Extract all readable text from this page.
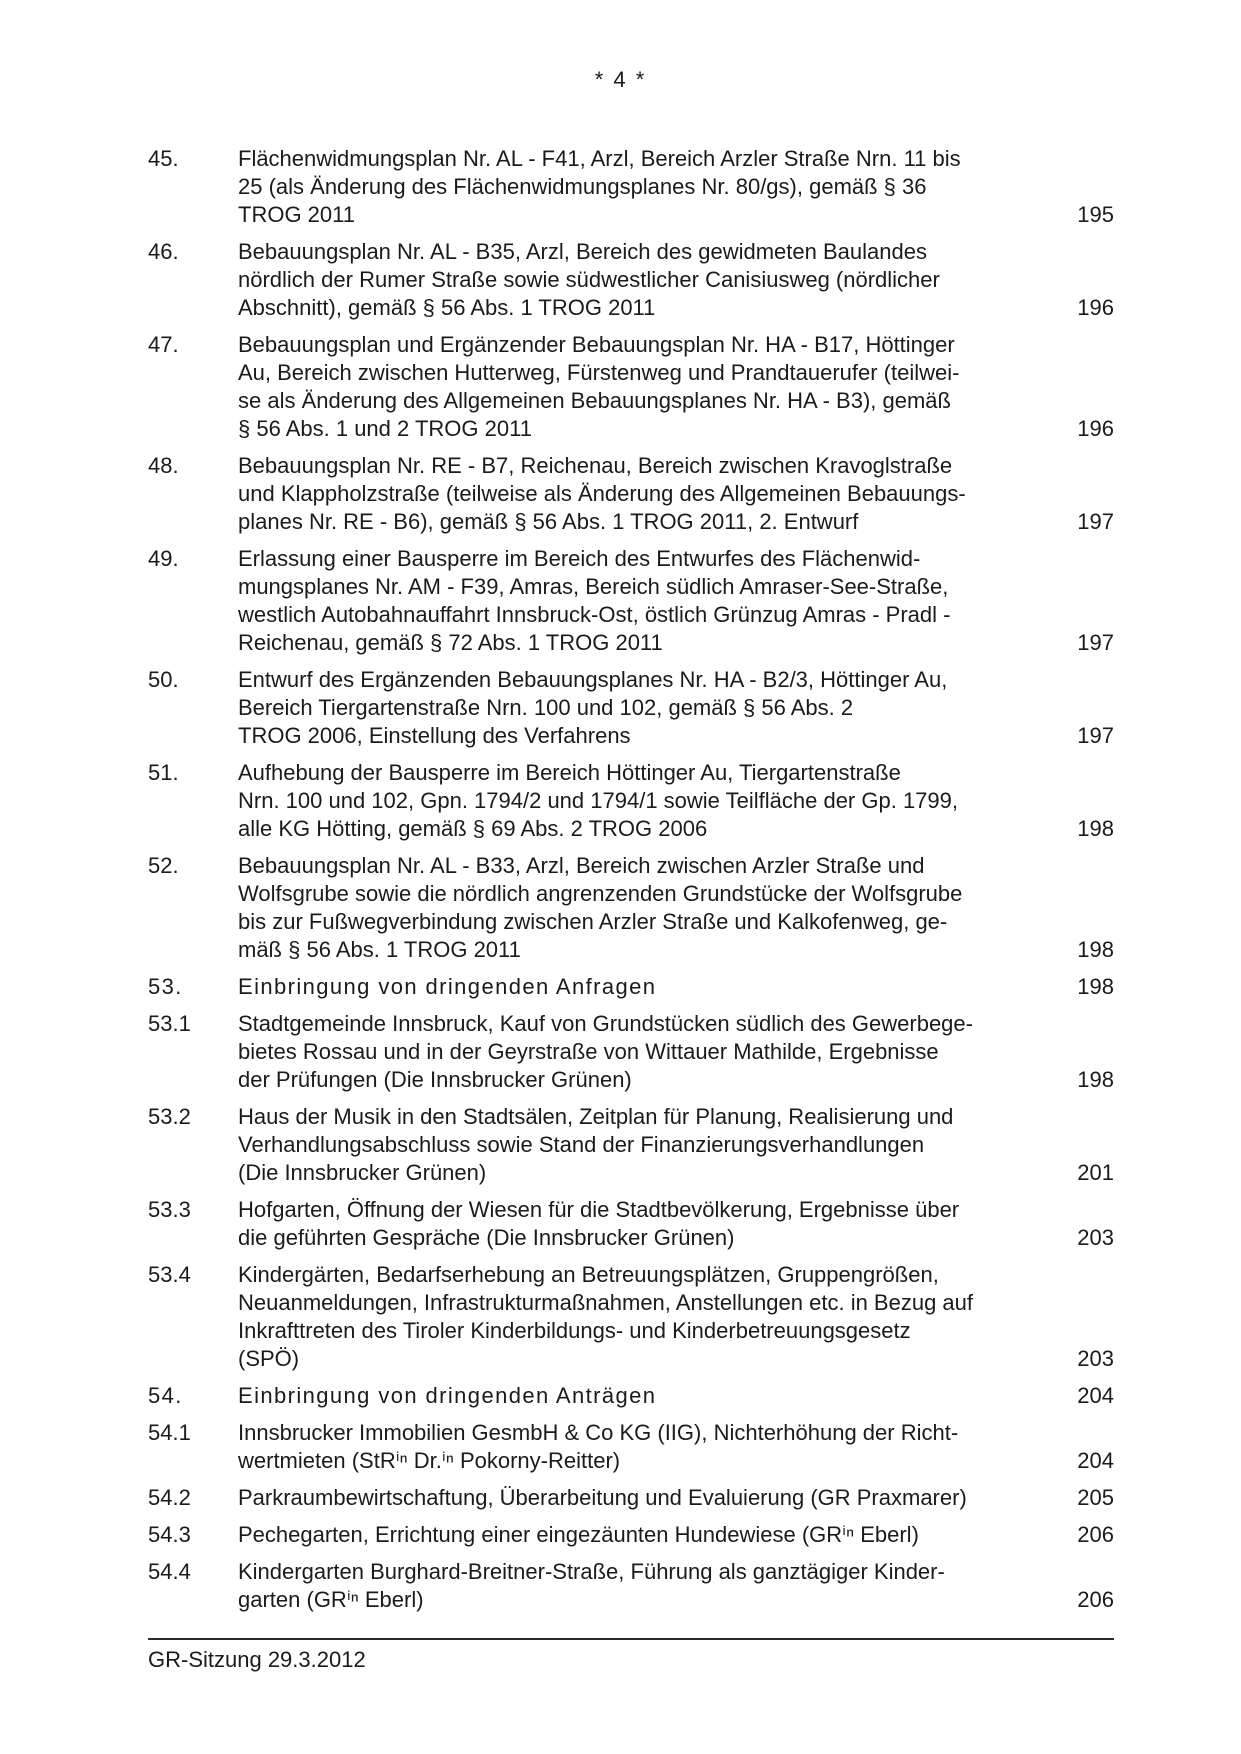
* 4 *
45.	Flächenwidmungsplan Nr. AL - F41, Arzl, Bereich Arzler Straße Nrn. 11 bis
25 (als Änderung des Flächenwidmungsplanes Nr. 80/gs), gemäß § 36
TROG 2011	195
46.	Bebauungsplan Nr. AL - B35, Arzl, Bereich des gewidmeten Baulandes
nördlich der Rumer Straße sowie südwestlicher Canisiusweg (nördlicher
Abschnitt), gemäß § 56 Abs. 1 TROG 2011	196
47.	Bebauungsplan und Ergänzender Bebauungsplan Nr. HA - B17, Höttinger
Au, Bereich zwischen Hutterweg, Fürstenweg und Prandtauerufer (teilwei-
se als Änderung des Allgemeinen Bebauungsplanes Nr. HA - B3), gemäß
§ 56 Abs. 1 und 2 TROG 2011	196
48.	Bebauungsplan Nr. RE - B7, Reichenau, Bereich zwischen Kravoglstraße
und Klappholzstraße (teilweise als Änderung des Allgemeinen Bebauungs-
planes Nr. RE - B6), gemäß § 56 Abs. 1 TROG 2011, 2. Entwurf	197
49.	Erlassung einer Bausperre im Bereich des Entwurfes des Flächenwid-
mungsplanes Nr. AM - F39, Amras, Bereich südlich Amraser-See-Straße,
westlich Autobahnauffahrt Innsbruck-Ost, östlich Grünzug Amras - Pradl -
Reichenau, gemäß § 72 Abs. 1 TROG 2011	197
50.	Entwurf des Ergänzenden Bebauungsplanes Nr. HA - B2/3, Höttinger Au,
Bereich Tiergartenstraße Nrn. 100 und 102, gemäß § 56 Abs. 2
TROG 2006, Einstellung des Verfahrens	197
51.	Aufhebung der Bausperre im Bereich Höttinger Au, Tiergartenstraße
Nrn. 100 und 102, Gpn. 1794/2 und 1794/1 sowie Teilfläche der Gp. 1799,
alle KG Hötting, gemäß § 69 Abs. 2 TROG 2006	198
52.	Bebauungsplan Nr. AL - B33, Arzl, Bereich zwischen Arzler Straße und
Wolfsgrube sowie die nördlich angrenzenden Grundstücke der Wolfsgrube
bis zur Fußwegverbindung zwischen Arzler Straße und Kalkofenweg, ge-
mäß § 56 Abs. 1 TROG 2011	198
53.	Einbringung von dringenden Anfragen	198
53.1	Stadtgemeinde Innsbruck, Kauf von Grundstücken südlich des Gewerbege-
bietes Rossau und in der Geyrstraße von Wittauer Mathilde, Ergebnisse
der Prüfungen (Die Innsbrucker Grünen)	198
53.2	Haus der Musik in den Stadtsälen, Zeitplan für Planung, Realisierung und
Verhandlungsabschluss sowie Stand der Finanzierungsverhandlungen
(Die Innsbrucker Grünen)	201
53.3	Hofgarten, Öffnung der Wiesen für die Stadtbevölkerung, Ergebnisse über
die geführten Gespräche (Die Innsbrucker Grünen)	203
53.4	Kindergärten, Bedarfserhebung an Betreuungsplätzen, Gruppengrößen,
Neuanmeldungen, Infrastrukturmaßnahmen, Anstellungen etc. in Bezug auf
Inkrafttreten des Tiroler Kinderbildungs- und Kinderbetreuungsgesetz
(SPÖ)	203
54.	Einbringung von dringenden Anträgen	204
54.1	Innsbrucker Immobilien GesmbH & Co KG (IIG), Nichterhöhung der Richt-
wertmieten (StRⁱⁿ Dr.ⁱⁿ Pokorny-Reitter)	204
54.2	Parkraumbewirtschaftung, Überarbeitung und Evaluierung (GR Praxmarer)	205
54.3	Pechegarten, Errichtung einer eingezäunten Hundewiese (GRⁱⁿ Eberl)	206
54.4	Kindergarten Burghard-Breitner-Straße, Führung als ganztägiger Kinder-
garten (GRⁱⁿ Eberl)	206
GR-Sitzung 29.3.2012
